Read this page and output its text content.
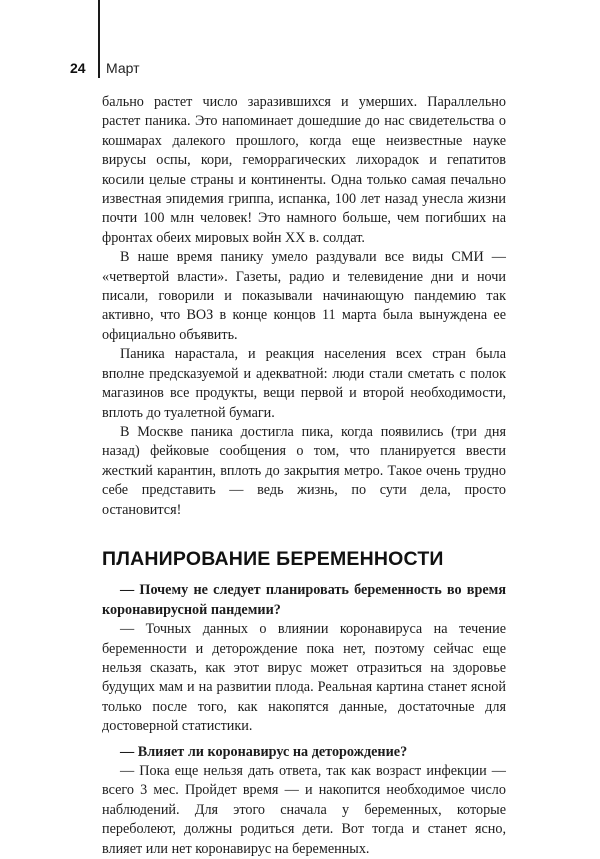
24 Март

бально растет число заразившихся и умерших. Параллельно растет паника. Это напоминает дошедшие до нас свидетельства о кошмарах далекого прошлого, когда еще неизвестные науке вирусы оспы, кори, геморрагических лихорадок и гепатитов косили целые страны и континенты. Одна только самая печально известная эпидемия гриппа, испанка, 100 лет назад унесла жизни почти 100 млн человек! Это намного больше, чем погибших на фронтах обеих мировых войн ХХ в. солдат.

В наше время панику умело раздували все виды СМИ — «четвертой власти». Газеты, радио и телевидение дни и ночи писали, говорили и показывали начинающую пандемию так активно, что ВОЗ в конце концов 11 марта была вынуждена ее официально объявить.

Паника нарастала, и реакция населения всех стран была вполне предсказуемой и адекватной: люди стали сметать с полок магазинов все продукты, вещи первой и второй необходимости, вплоть до туалетной бумаги.

В Москве паника достигла пика, когда появились (три дня назад) фейковые сообщения о том, что планируется ввести жесткий карантин, вплоть до закрытия метро. Такое очень трудно себе представить — ведь жизнь, по сути дела, просто остановится!

ПЛАНИРОВАНИЕ БЕРЕМЕННОСТИ

— Почему не следует планировать беременность во время коронавирусной пандемии?

— Точных данных о влиянии коронавируса на течение беременности и деторождение пока нет, поэтому сейчас еще нельзя сказать, как этот вирус может отразиться на здоровье будущих мам и на развитии плода. Реальная картина станет ясной только после того, как накопятся данные, достаточные для достоверной статистики.

— Влияет ли коронавирус на деторождение?

— Пока еще нельзя дать ответа, так как возраст инфекции — всего 3 мес. Пройдет время — и накопится необходимое число наблюдений. Для этого сначала у беременных, которые переболеют, должны родиться дети. Вот тогда и станет ясно, влияет или нет коронавирус на беременных.
